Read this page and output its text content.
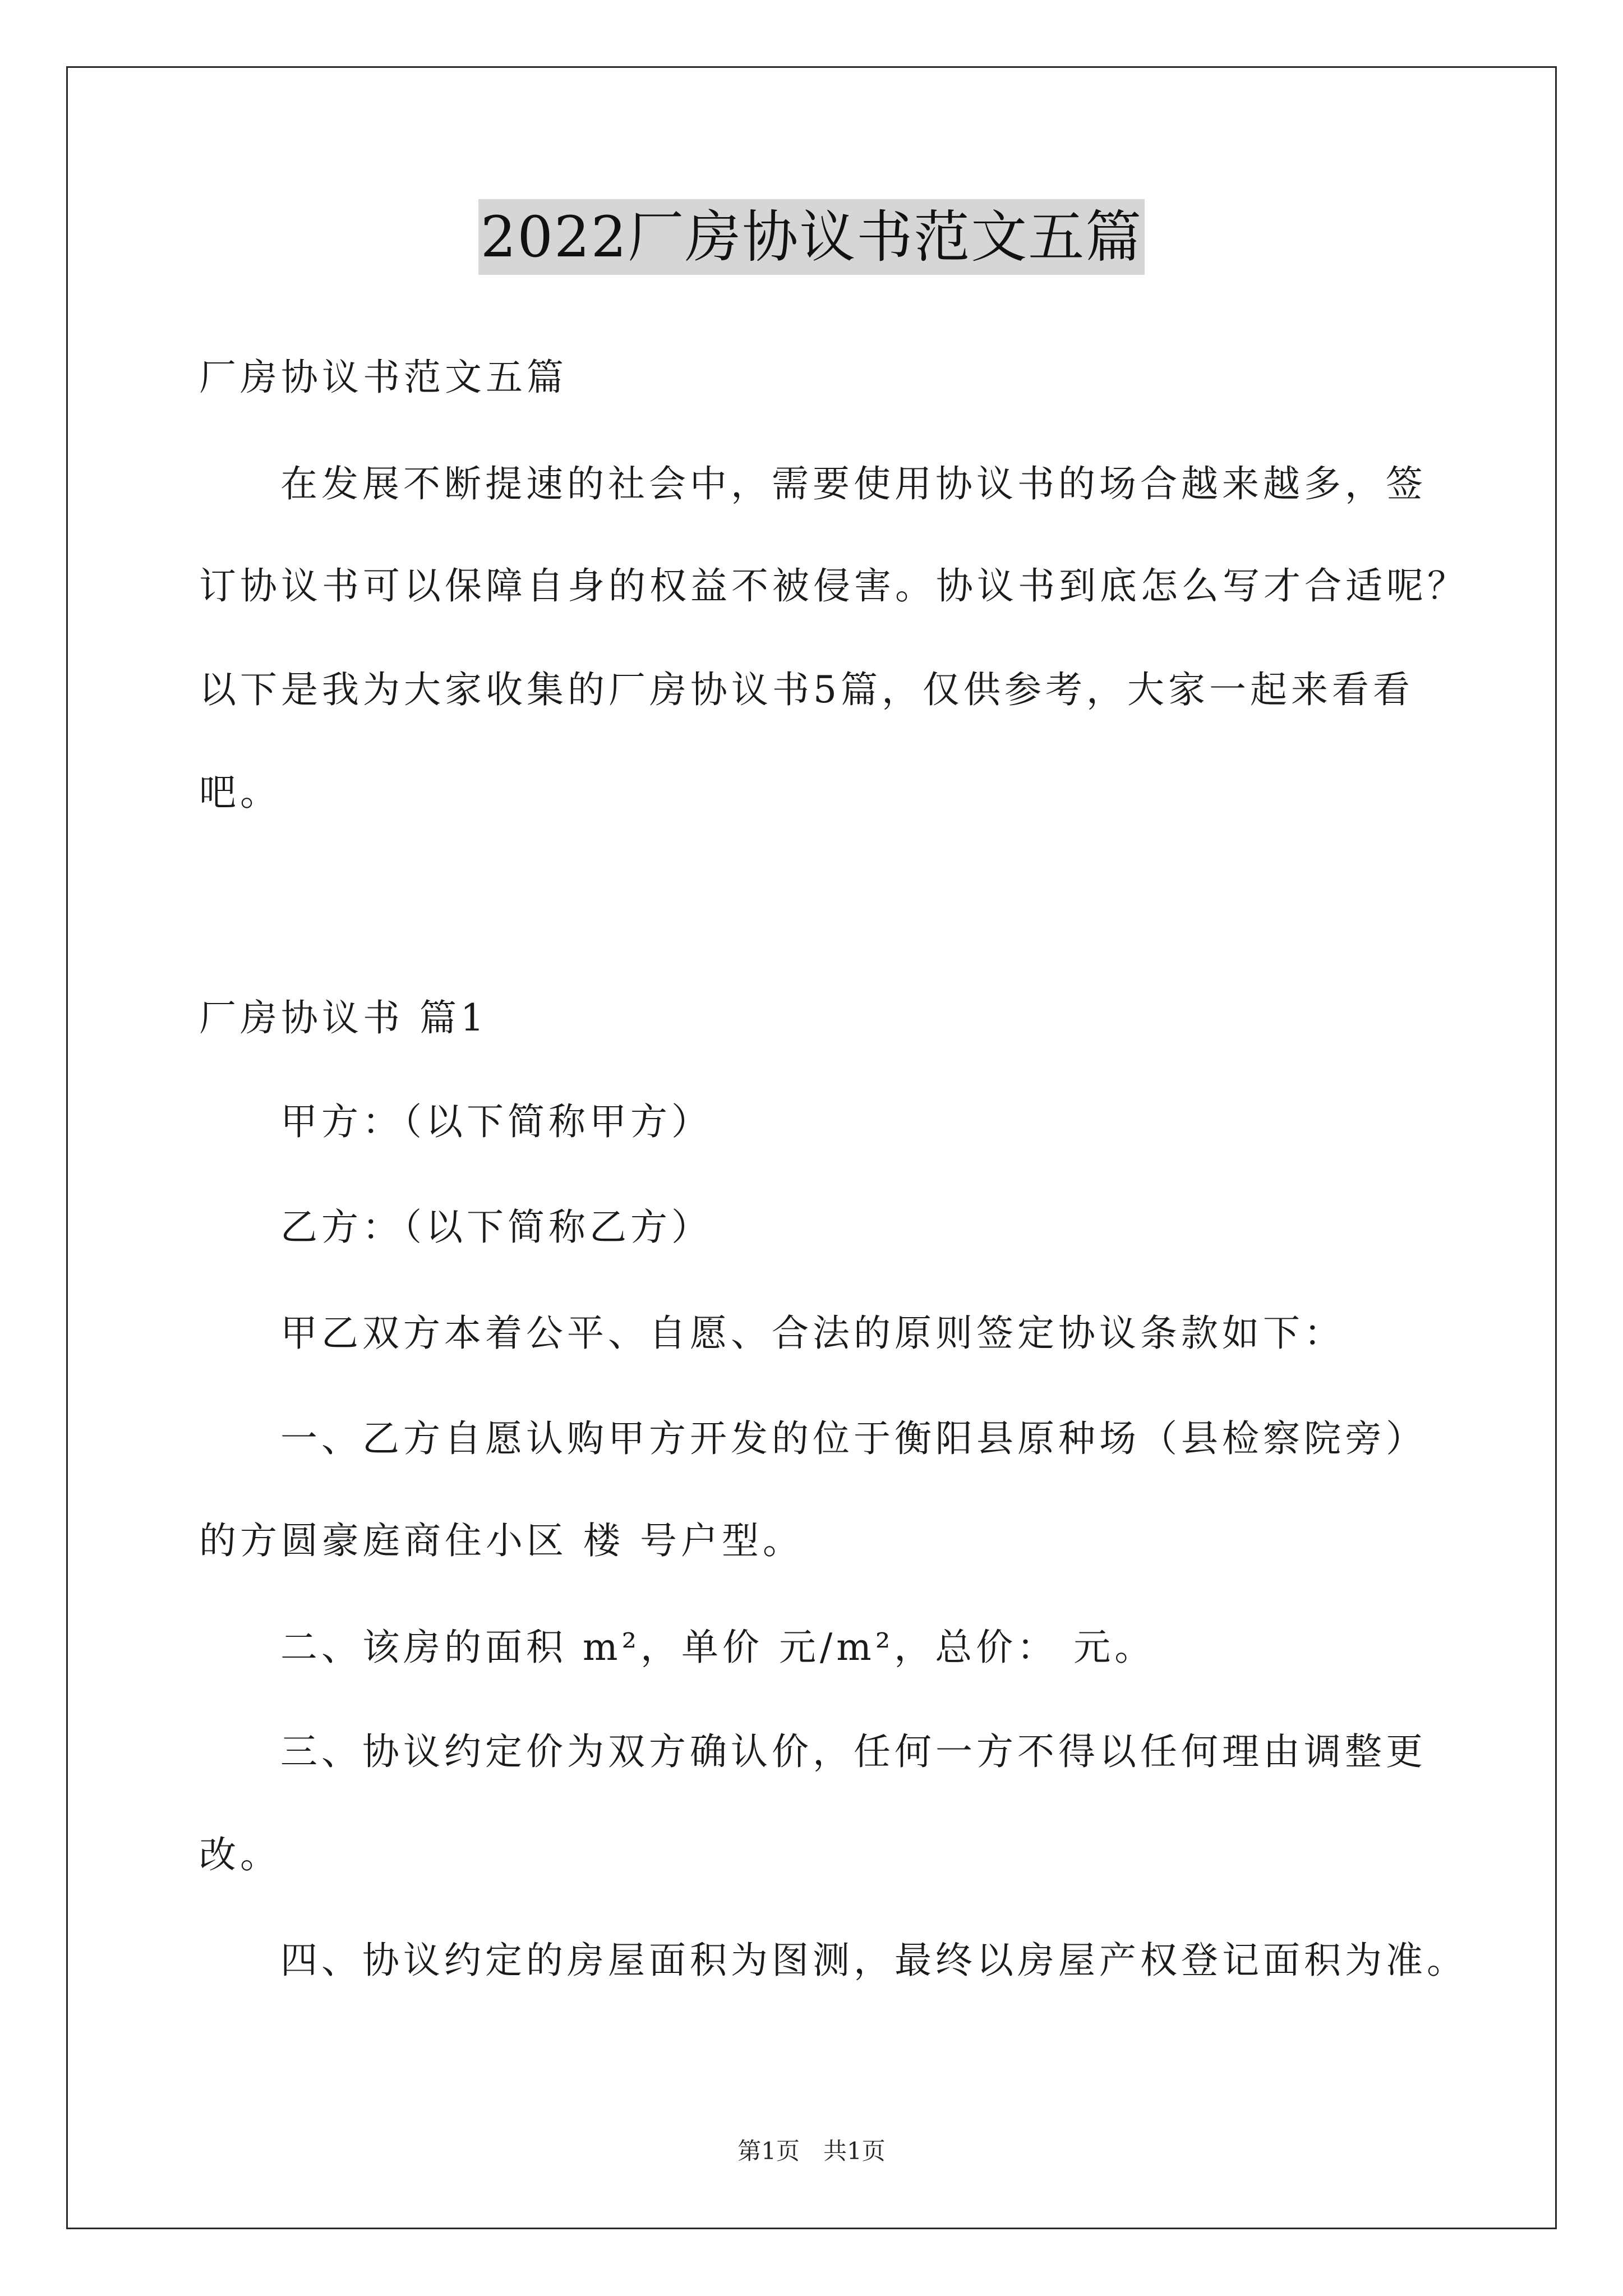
2022厂房协议书范文五篇
厂房协议书范文五篇
在发展不断提速的社会中，需要使用协议书的场合越来越多，签
订协议书可以保障自身的权益不被侵害。协议书到底怎么写才合适呢？
以下是我为大家收集的厂房协议书5篇，仅供参考，大家一起来看看
吧。
厂房协议书 篇1
甲方：（以下简称甲方）
乙方：（以下简称乙方）
甲乙双方本着公平、自愿、合法的原则签定协议条款如下：
一、乙方自愿认购甲方开发的位于衡阳县原种场（县检察院旁）
的方圆豪庭商住小区 楼 号户型。
二、该房的面积 m²，单价 元/m²，总价： 元。
三、协议约定价为双方确认价，任何一方不得以任何理由调整更
改。
四、协议约定的房屋面积为图测，最终以房屋产权登记面积为准。
第1页　共1页
